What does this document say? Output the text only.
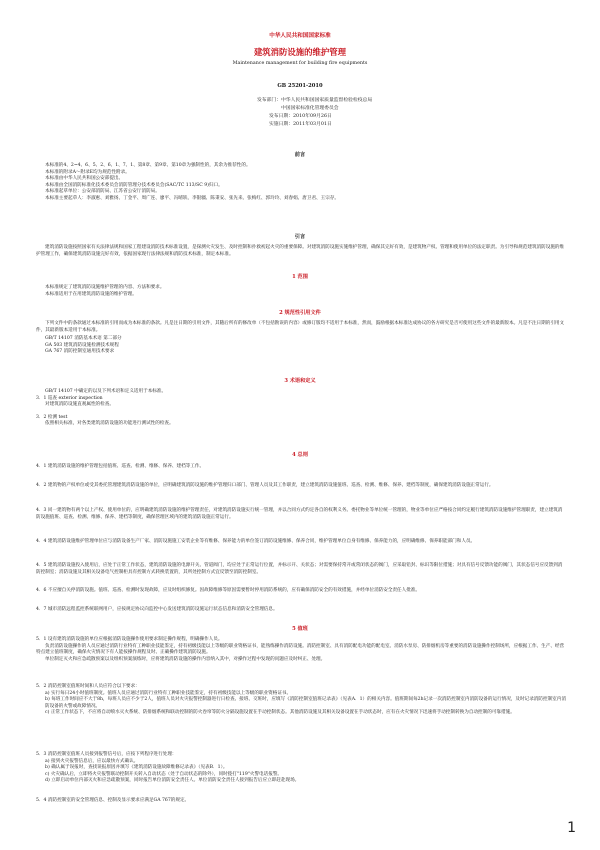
中华人民共和国国家标准
建筑消防设施的维护管理
Maintenance management for building fire equipments
GB 25201-2010
发布部门：中华人民共和国国家质量监督检验检疫总局
中国国家标准化管理委员会
发布日期：2010年09月26日
实施日期：2011年03月01日
前言
本标准的4、2~4、6、5、2、6、1、7、1、第8章、第9章、第10章为强制性的，其余为推荐性的。
本标准的附录A～附录E均为规范性附录。
本标准由中华人民共和国公安部提出。
本标准由全国消防标准化技术委员会消防管理分技术委员会(SAC/TC 113/SC 9)归口。
本标准起草单位：公安部消防局、江苏省公安厅消防局。
本标准主要起草人：李淑惠、刘雅扬、丁金平、周广连、廖平、冯晴轶、李银疆、陈秉安、张先来、张梅红、郭玲玲、刘春娟、唐卫君、王宗存。
引言

建筑消防设施按照国家有关法律法规和国家工程建设消防技术标准设置，是探测火灾发生、及时控制和扑救初起火灾的重要保障。对建筑消防设施实施维护管理，确保其完好有效，是建筑物产权、管理和使用单位的法定职责。为引导和规范建筑消防设施的维护管理工作，确保建筑消防设施完好有效，依据国家现行法律法规和消防技术标准，制定本标准。

1 范围
本标准规定了建筑消防设施维护管理的内容、方法和要求。
本标准适用于在用建筑消防设施的维护管理。
2 规范性引用文件

下列文件中的条款通过本标准的引用而成为本标准的条款。凡是注日期的引用文件，其随后所有的修改单（不包括勘误的内容）或修订版均不适用于本标准，然而，鼓励根据本标准达成协议的各方研究是否可使用这些文件的最新版本。凡是不注日期的引用文件，其最新版本适用于本标准。

GB/T 14107 消防基本术语 第二部分
GA 503 建筑消防设施检测技术规程
GA 767 消防控制室通用技术要求
3 术语和定义
GB/T 14107 中确定的以及下列术语和定义适用于本标准。
3．1 巡查 exterior inspection
对建筑消防设施直观属性的检查。
3．2 检测 test
依照相关标准，对各类建筑消防设施的功能进行测试性的检查。
4 总则

4．1 建筑消防设施的维护管理包括值班、巡查、检测、维修、保养、建档等工作。

4．2 建筑物的产权单位或受其委托管理建筑消防设施的单位，应明确建筑消防设施的维护管理归口部门、管理人员及其工作职责，建立建筑消防设施值班、巡查、检测、维修、保养、建档等制度，确保建筑消防设施正常运行。

4．3 同一建筑物有两个以上产权、使用单位的，应明确建筑消防设施的维护管理责任，对建筑消防设施实行统一管理，并以合同方式约定各自的权利义务。委托物业等单位统一管理的，物业等单位应严格按合同约定履行建筑消防设施维护管理职责，建立建筑消防设施值班、巡查、检测、维修、保养、建档等制度，确保管理区域内的建筑消防设施正常运行。

4．4 建筑消防设施维护管理单位应与消防设备生产厂家、消防设施施工安装企业等有维修、保养能力的单位签订消防设施维修、保养合同，维护管理单位自身有维修、保养能力的，应明确维修、保养职能部门和人员。

4．5 建筑消防设施投入使用后，应处于正常工作状态，建筑消防设施的电源开关、管道阀门，均应处于正常运行位置，并标示开、关状态；对需要保持常开或常闭状态的阀门，应采取铅封、标识等限位措施；对具有信号反馈功能的阀门，其状态信号应反馈到消防控制室；消防设施及其相关设备电气控制柜具有控制方式转换装置的，其所处控制方式宜反馈至消防控制室。

4．6 不应擅自关停消防设施。值班、巡查、检测时发现故障，应及时组织修复。因故障维修等原因需要暂时停用消防系统的，应有确保消防安全的有效措施，并经单位消防安全责任人批准。

4．7 城市消防远程监控系统联网用户，应按规定协议向监控中心发送建筑消防设施运行状态信息和消防安全管理信息。

5 值班
5．1 设有建筑消防设施的单位应根据消防设施操作使用要求制定操作规程，明确操作人员。
负责消防设施操作的人员应通过消防行业特有工种职业技能鉴定，持有初级技能以上等级的职业资格证书，能熟练操作消防设施。消防控制室、具有消防配电功能的配电室、消防水泵房、防排烟机房等重要的消防设施操作控制场所，应根据工作、生产、经营特点建立值班制度，确保火灾情况下有人能按操作规程及时、正确操作建筑消防设施。
单位制定灭火和应急疏散预案以及组织预案演练时，应将建筑消防设施的操作内容纳入其中，对操作过程中发现的问题应及时纠正、处理。
5．2 消防控制室值班时间和人员应符合以下要求：
a) 实行每日24小时值班制度。值班人员应通过消防行业特有工种职业技能鉴定，持有初级技能以上等级的职业资格证书。
b) 每班工作时间应不大于8h，每班人员应不少于2人，值班人员对火灾报警控制器进行日检查、接班、交班时，应填写《消防控制室值班记录表》（见表A．1）的相关内容。值班期间每2h记录一次消防控制室内消防设备的运行情况，及时记录消防控制室内消防设备的火警或故障情况。
c) 正常工作状态下，不应将自动喷水灭火系统、防排烟系统和联动控制的防火卷帘等防火分隔设施设置在手动控制状态。其他消防设施及其相关设备设置在手动状态时，应有在火灾情况下迅速将手动控制转换为自动控制的可靠措施。
5．3 消防控制室值班人员接到报警信号后，应按下列程序进行处理：
a) 接到火灾报警信息后，应以最快方式确认。
b) 确认属于误报时，查找误报原因并填写《建筑消防设施故障维修记录表》（见表B．1）。
c) 火灾确认后，立即将火灾报警联动控制开关转入自动状态（处于自动状态的除外），同时拨打"119"火警电话报警。
d) 立即启动单位内部灭火和应急疏散预案，同时报告单位消防安全责任人。单位消防安全责任人接到报告后应立即赶赴现场。

5．4 消防控制室的安全管理信息、控制及显示要求应满足GA 767的规定。

1
